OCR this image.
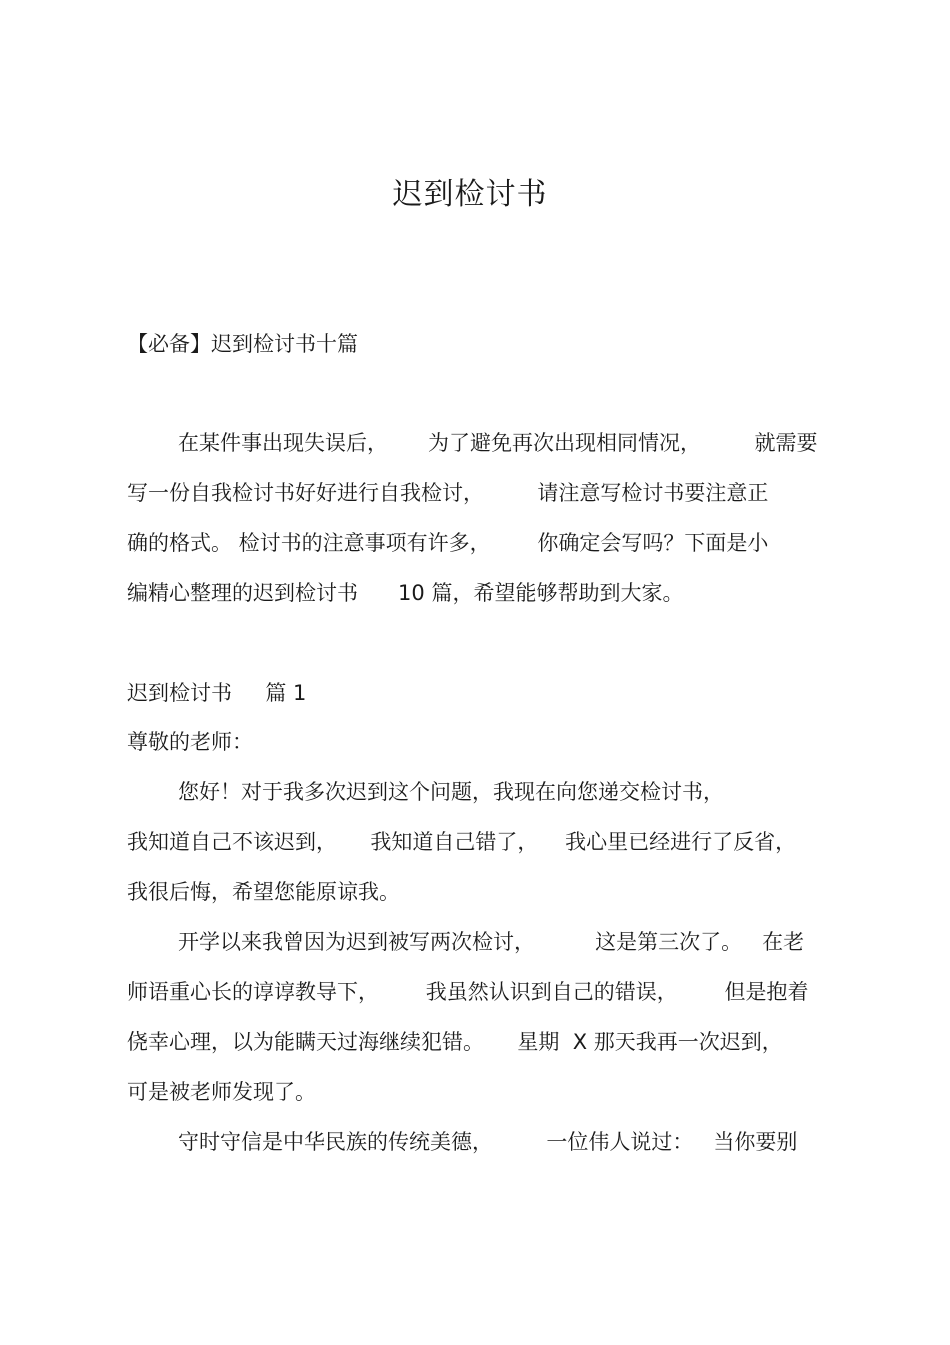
迟到检讨书
【必备】迟到检讨书十篇
在某件事出现失误后，      为了避免再次出现相同情况，        就需要
写一份自我检讨书好好进行自我检讨，        请注意写检讨书要注意正
确的格式。 检讨书的注意事项有许多，       你确定会写吗？下面是小
编精心整理的迟到检讨书      10 篇，希望能够帮助到大家。
迟到检讨书     篇 1
尊敬的老师：
您好！对于我多次迟到这个问题，我现在向您递交检讨书，
我知道自己不该迟到，     我知道自己错了，    我心里已经进行了反省，
我很后悔，希望您能原谅我。
开学以来我曾因为迟到被写两次检讨，         这是第三次了。   在老
师语重心长的谆谆教导下，       我虽然认识到自己的错误，       但是抱着
侥幸心理，以为能瞒天过海继续犯错。     星期  X 那天我再一次迟到，
可是被老师发现了。
守时守信是中华民族的传统美德，        一位伟人说过：   当你要别
